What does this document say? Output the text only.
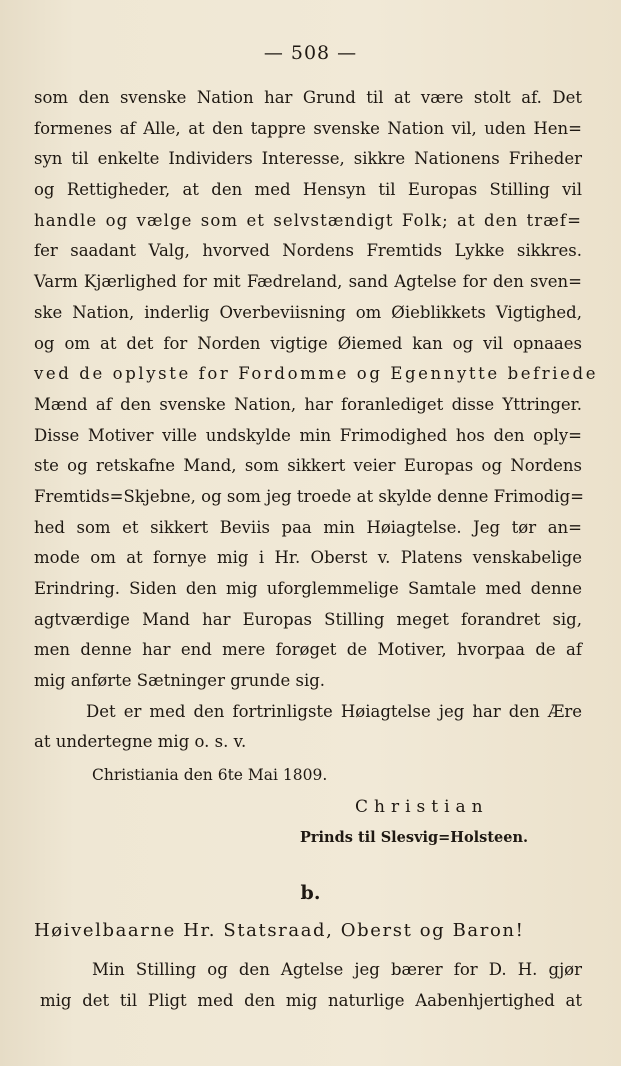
— 508 —
som den svenske Nation har Grund til at være stolt af. Det
formenes af Alle, at den tappre svenske Nation vil, uden Hen=
syn til enkelte Individers Interesse, sikkre Nationens Friheder
og Rettigheder, at den med Hensyn til Europas Stilling vil
handle og vælge som et selvstændigt Folk; at den træf=
fer saadant Valg, hvorved Nordens Fremtids Lykke sikkres.
Varm Kjærlighed for mit Fædreland, sand Agtelse for den sven=
ske Nation, inderlig Overbeviisning om Øieblikkets Vigtighed,
og om at det for Norden vigtige Øiemed kan og vil opnaaes
ved de oplyste for Fordomme og Egennytte befriede
Mænd af den svenske Nation, har foranlediget disse Yttringer.
Disse Motiver ville undskylde min Frimodighed hos den oply=
ste og retskafne Mand, som sikkert veier Europas og Nordens
Fremtids=Skjebne, og som jeg troede at skylde denne Frimodig=
hed som et sikkert Beviis paa min Høiagtelse. Jeg tør an=
mode om at fornye mig i Hr. Oberst v. Platens venskabelige
Erindring. Siden den mig uforglemmelige Samtale med denne
agtværdige Mand har Europas Stilling meget forandret sig,
men denne har end mere forøget de Motiver, hvorpaa de af
mig anførte Sætninger grunde sig.
Det er med den fortrinligste Høiagtelse jeg har den Ære
at undertegne mig o. s. v.
Christiania den 6te Mai 1809.
Christian
Prinds til Slesvig=Holsteen.
b.
Høivelbaarne Hr. Statsraad, Oberst og Baron!
Min Stilling og den Agtelse jeg bærer for D. H. gjør
mig det til Pligt med den mig naturlige Aabenhjertighed at
